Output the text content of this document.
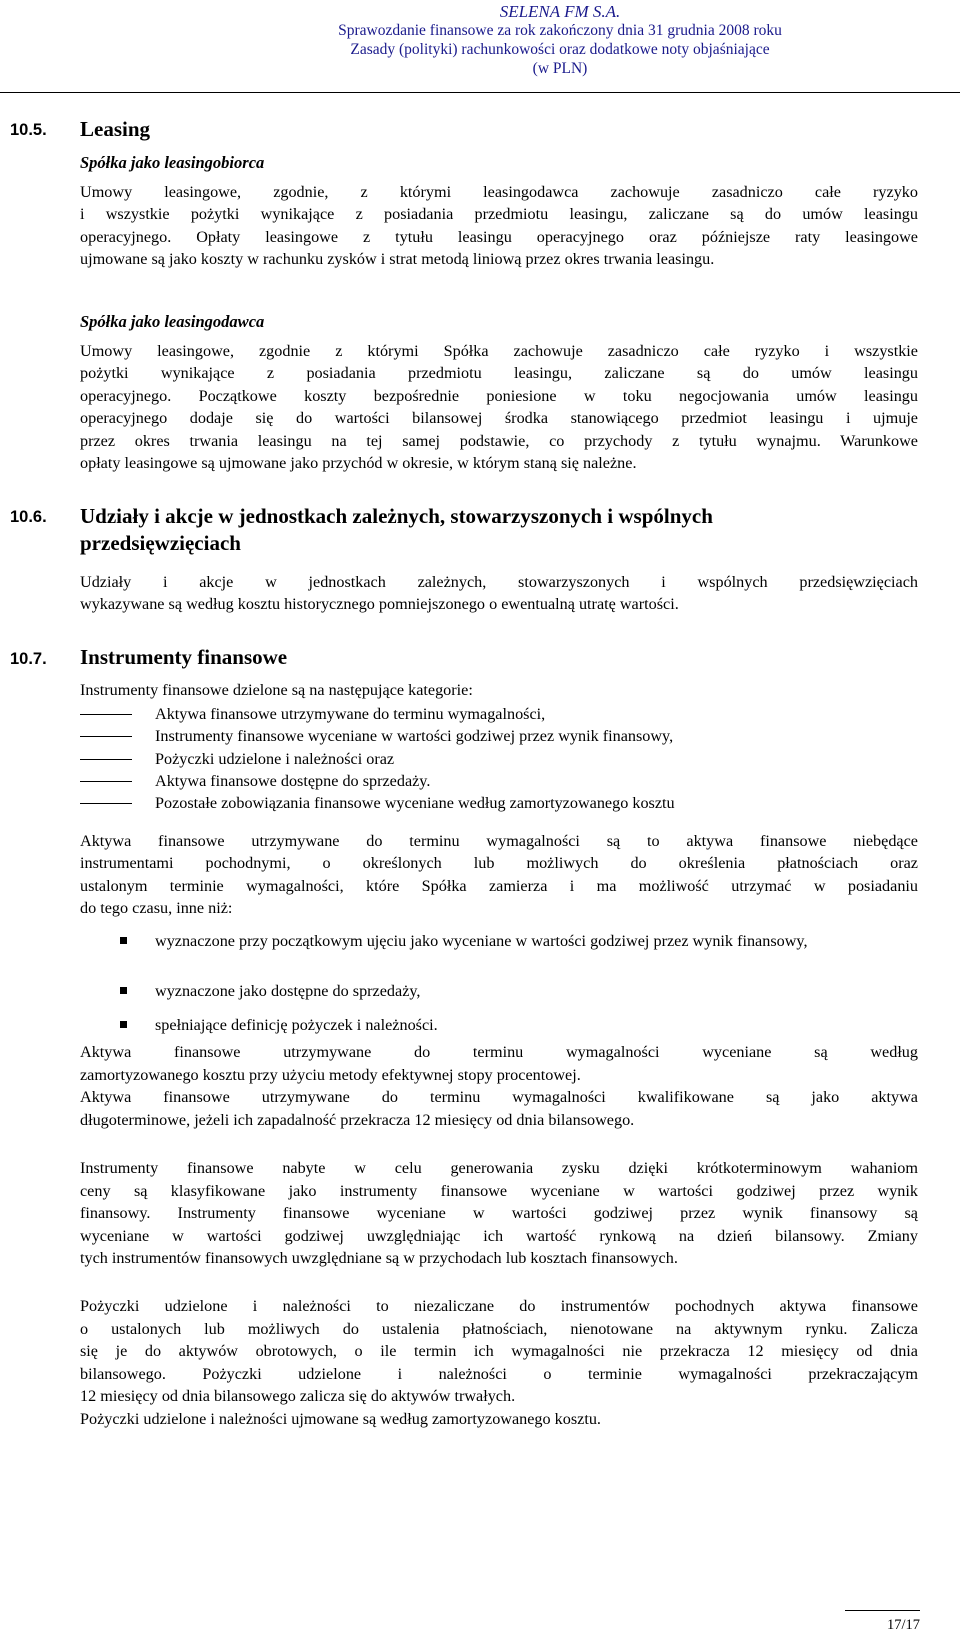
SELENA FM S.A.
Sprawozdanie finansowe za rok zakończony dnia 31 grudnia 2008 roku
Zasady (polityki) rachunkowości oraz dodatkowe noty objaśniające
(w PLN)
10.5. Leasing
Spółka jako leasingobiorca
Umowy leasingowe, zgodnie, z którymi leasingodawca zachowuje zasadniczo całe ryzyko
i wszystkie pożytki wynikające z posiadania przedmiotu leasingu, zaliczane są do umów leasingu
operacyjnego. Opłaty leasingowe z tytułu leasingu operacyjnego oraz późniejsze raty leasingowe
ujmowane są jako koszty w rachunku zysków i strat metodą liniową przez okres trwania leasingu.
Spółka jako leasingodawca
Umowy leasingowe, zgodnie z którymi Spółka zachowuje zasadniczo całe ryzyko i wszystkie
pożytki wynikające z posiadania przedmiotu leasingu, zaliczane są do umów leasingu
operacyjnego. Początkowe koszty bezpośrednie poniesione w toku negocjowania umów leasingu
operacyjnego dodaje się do wartości bilansowej środka stanowiącego przedmiot leasingu i ujmuje
przez okres trwania leasingu na tej samej podstawie, co przychody z tytułu wynajmu. Warunkowe
opłaty leasingowe są ujmowane jako przychód w okresie, w którym staną się należne.
10.6. Udziały i akcje w jednostkach zależnych, stowarzyszonych i wspólnych
przedsięwzięciach
Udziały i akcje w jednostkach zależnych, stowarzyszonych i wspólnych przedsięwzięciach
wykazywane są według kosztu historycznego pomniejszonego o ewentualną utratę wartości.
10.7. Instrumenty finansowe
Instrumenty finansowe dzielone są na następujące kategorie:
Aktywa finansowe utrzymywane do terminu wymagalności,
Instrumenty finansowe wyceniane w wartości godziwej przez wynik finansowy,
Pożyczki udzielone i należności oraz
Aktywa finansowe dostępne do sprzedaży.
Pozostałe zobowiązania finansowe wyceniane według zamortyzowanego kosztu
Aktywa finansowe utrzymywane do terminu wymagalności są to aktywa finansowe niebędące
instrumentami pochodnymi, o określonych lub możliwych do określenia płatnościach oraz
ustalonym terminie wymagalności, które Spółka zamierza i ma możliwość utrzymać w posiadaniu
do tego czasu, inne niż:
wyznaczone przy początkowym ujęciu jako wyceniane w wartości godziwej przez wynik finansowy,
wyznaczone jako dostępne do sprzedaży,
spełniające definicję pożyczek i należności.
Aktywa finansowe utrzymywane do terminu wymagalności wyceniane są według
zamortyzowanego kosztu przy użyciu metody efektywnej stopy procentowej.
Aktywa finansowe utrzymywane do terminu wymagalności kwalifikowane są jako aktywa
długoterminowe, jeżeli ich zapadalność przekracza 12 miesięcy od dnia bilansowego.
Instrumenty finansowe nabyte w celu generowania zysku dzięki krótkoterminowym wahaniom
ceny są klasyfikowane jako instrumenty finansowe wyceniane w wartości godziwej przez wynik
finansowy. Instrumenty finansowe wyceniane w wartości godziwej przez wynik finansowy są
wyceniane w wartości godziwej uwzględniając ich wartość rynkową na dzień bilansowy. Zmiany
tych instrumentów finansowych uwzględniane są w przychodach lub kosztach finansowych.
Pożyczki udzielone i należności to niezaliczane do instrumentów pochodnych aktywa finansowe
o ustalonych lub możliwych do ustalenia płatnościach, nienotowane na aktywnym rynku. Zalicza
się je do aktywów obrotowych, o ile termin ich wymagalności nie przekracza 12 miesięcy od dnia
bilansowego. Pożyczki udzielone i należności o terminie wymagalności przekraczającym
12 miesięcy od dnia bilansowego zalicza się do aktywów trwałych.
Pożyczki udzielone i należności ujmowane są według zamortyzowanego kosztu.
17/17
